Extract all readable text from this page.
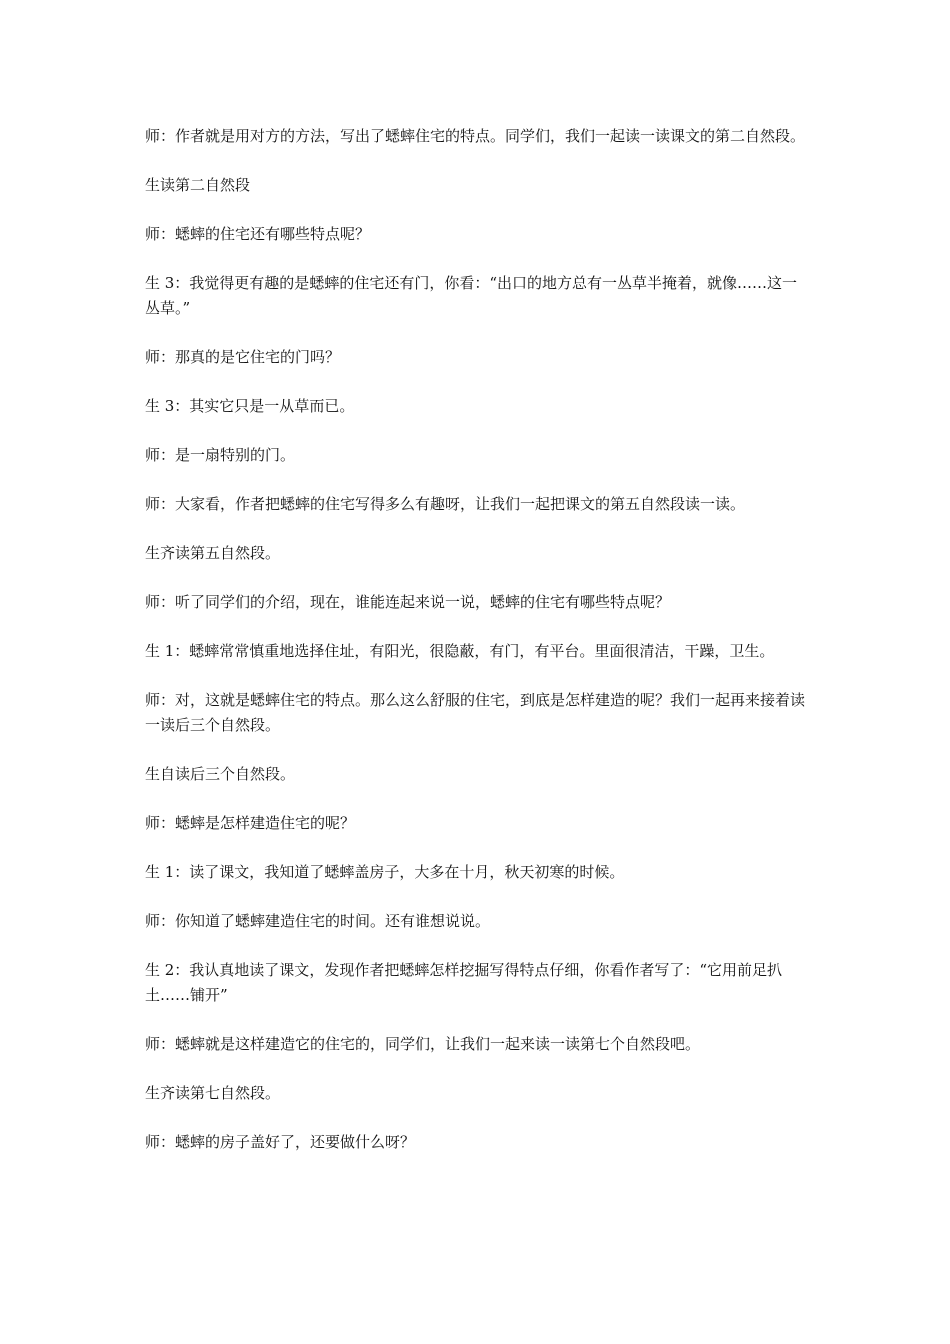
师：作者就是用对方的方法，写出了蟋蟀住宅的特点。同学们，我们一起读一读课文的第二自然段。

生读第二自然段

师：蟋蟀的住宅还有哪些特点呢？

生 3：我觉得更有趣的是蟋蟀的住宅还有门，你看：“出口的地方总有一丛草半掩着，就像……这一丛草。”

师：那真的是它住宅的门吗？

生 3：其实它只是一从草而已。

师：是一扇特别的门。

师：大家看，作者把蟋蟀的住宅写得多么有趣呀，让我们一起把课文的第五自然段读一读。

生齐读第五自然段。

师：听了同学们的介绍，现在，谁能连起来说一说，蟋蟀的住宅有哪些特点呢？

生 1：蟋蟀常常慎重地选择住址，有阳光，很隐蔽，有门，有平台。里面很清洁，干躁，卫生。

师：对，这就是蟋蟀住宅的特点。那么这么舒服的住宅，到底是怎样建造的呢？我们一起再来接着读一读后三个自然段。

生自读后三个自然段。

师：蟋蟀是怎样建造住宅的呢？

生 1：读了课文，我知道了蟋蟀盖房子，大多在十月，秋天初寒的时候。

师：你知道了蟋蟀建造住宅的时间。还有谁想说说。

生 2：我认真地读了课文，发现作者把蟋蟀怎样挖掘写得特点仔细，你看作者写了：“它用前足扒土……铺开”

师：蟋蟀就是这样建造它的住宅的，同学们，让我们一起来读一读第七个自然段吧。

生齐读第七自然段。

师：蟋蟀的房子盖好了，还要做什么呀？
